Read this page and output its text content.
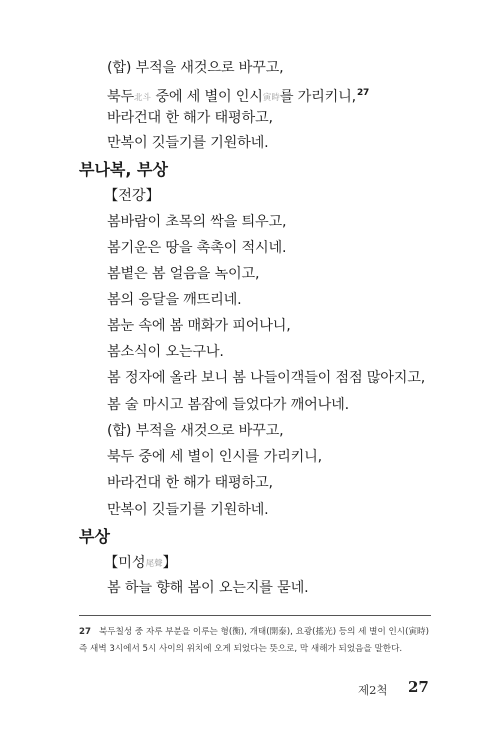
(합) 부적을 새것으로 바꾸고,
북두北斗 중에 세 별이 인시寅時를 가리키니,$^{27}$
바라건대 한 해가 태평하고,
만복이 깃들기를 기원하네.
부나복, 부상
【전강】
봄바람이 초목의 싹을 틔우고,
봄기운은 땅을 촉촉이 적시네.
봄볕은 봄 얼음을 녹이고,
봄의 응달을 깨뜨리네.
봄눈 속에 봄 매화가 피어나니,
봄소식이 오는구나.
봄 정자에 올라 보니 봄 나들이객들이 점점 많아지고,
봄 술 마시고 봄잠에 들었다가 깨어나네.
(합) 부적을 새것으로 바꾸고,
북두 중에 세 별이 인시를 가리키니,
바라건대 한 해가 태평하고,
만복이 깃들기를 기원하네.
부상
【미성尾聲】
봄 하늘 향해 봄이 오는지를 묻네.
27 북두칠성 중 자루 부분을 이루는 형(衡), 개태(開泰), 요광(搖光) 등의 세 별이 인시(寅時)
즉 새벽 3시에서 5시 사이의 위치에 오게 되었다는 뜻으로, 막 새해가 되었음을 말한다.
제2척 27
